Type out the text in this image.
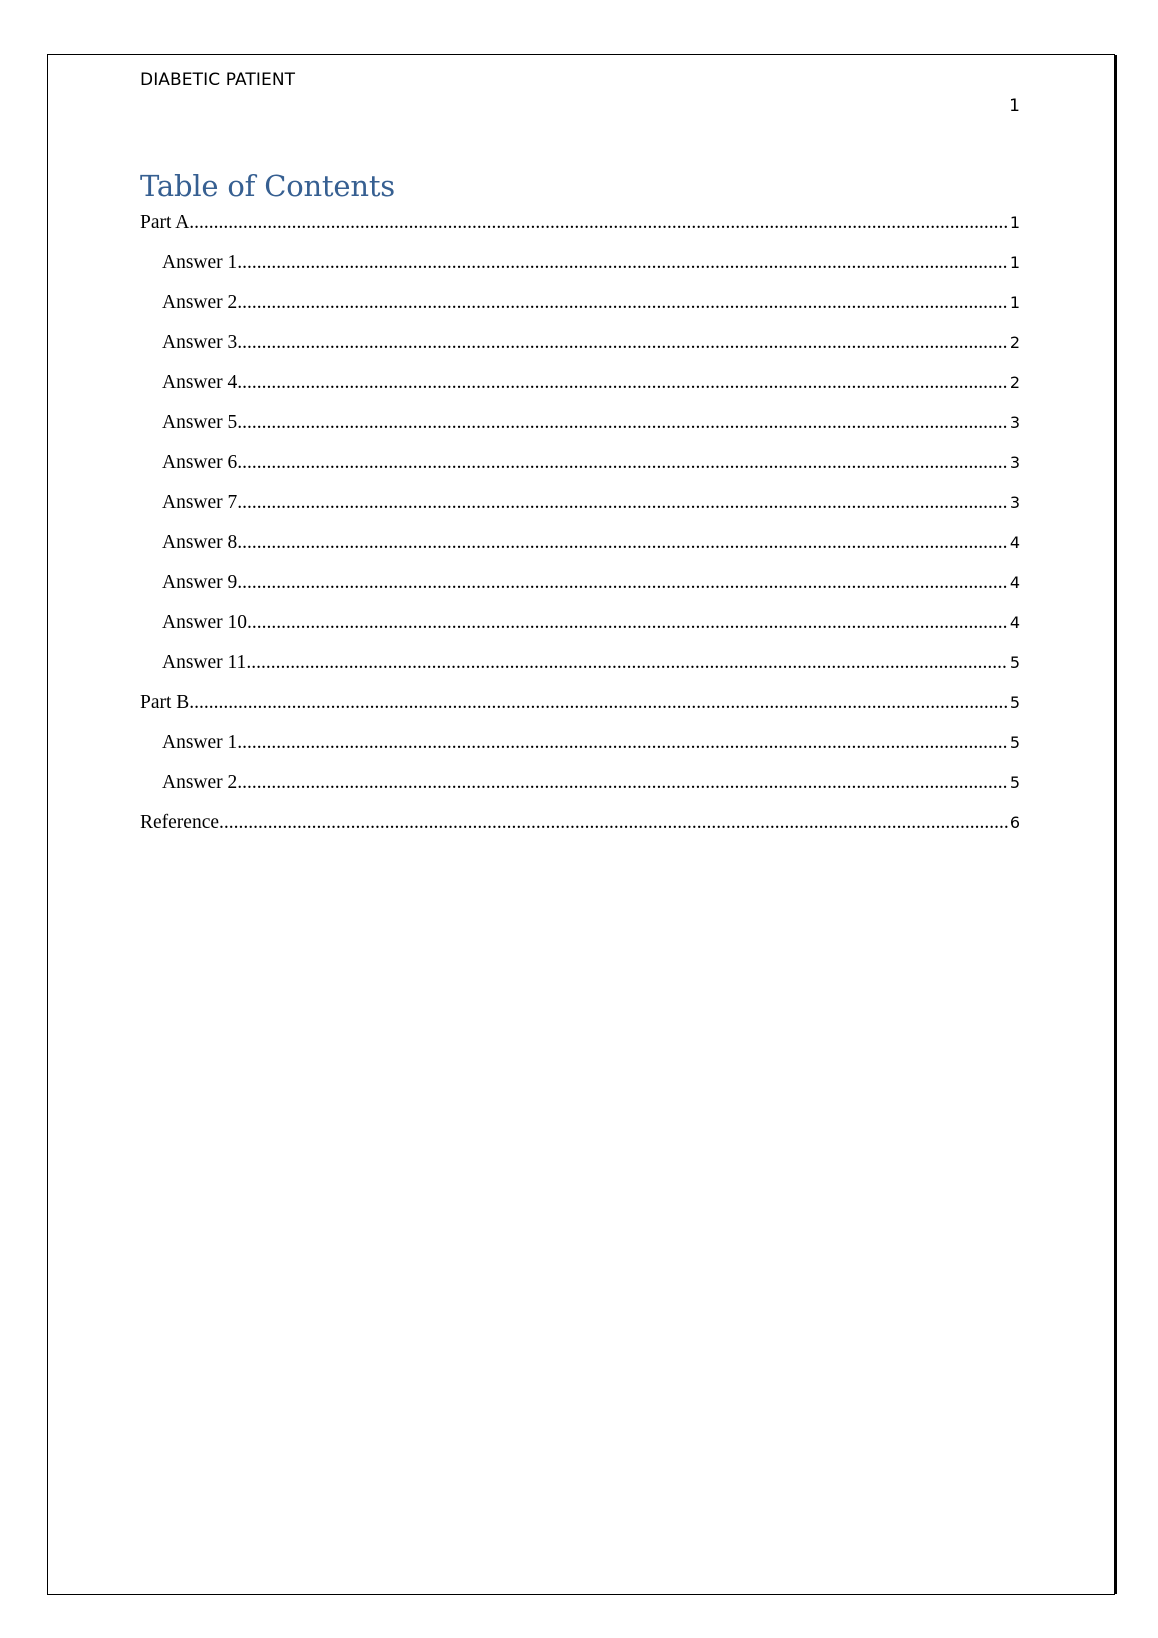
DIABETIC PATIENT
1
Table of Contents
Part A .....	1
Answer 1 .....	1
Answer 2 .....	1
Answer 3 .....	2
Answer 4 .....	2
Answer 5 .....	3
Answer 6 .....	3
Answer 7 .....	3
Answer 8 .....	4
Answer 9 .....	4
Answer 10 .....	4
Answer 11 .....	5
Part B .....	5
Answer 1 .....	5
Answer 2 .....	5
Reference .....	6
